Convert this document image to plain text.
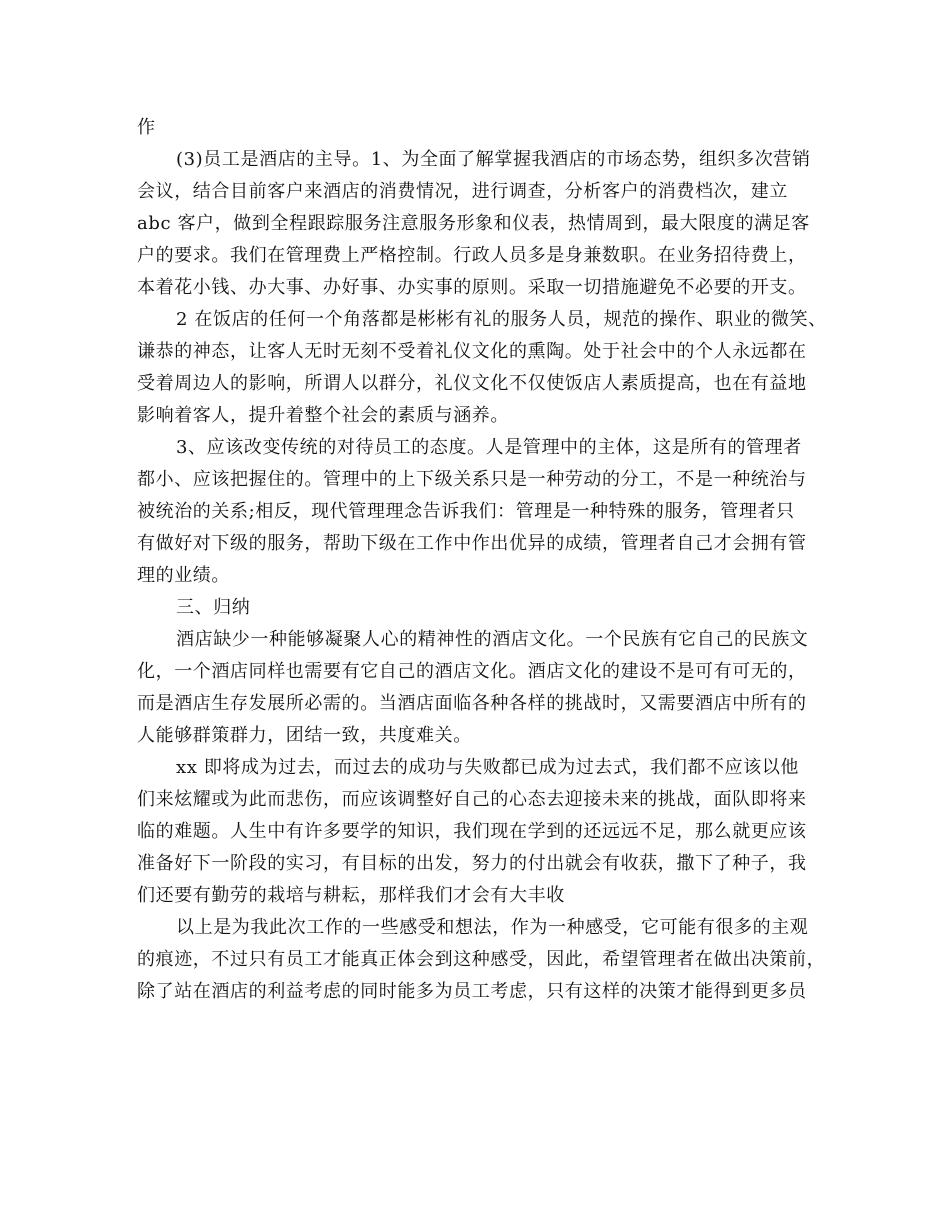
作
(3)员工是酒店的主导。1、为全面了解掌握我酒店的市场态势，组织多次营销
会议，结合目前客户来酒店的消费情况，进行调查，分析客户的消费档次，建立
abc 客户，做到全程跟踪服务注意服务形象和仪表，热情周到，最大限度的满足客
户的要求。我们在管理费上严格控制。行政人员多是身兼数职。在业务招待费上，
本着花小钱、办大事、办好事、办实事的原则。采取一切措施避免不必要的开支。
2 在饭店的任何一个角落都是彬彬有礼的服务人员，规范的操作、职业的微笑、
谦恭的神态，让客人无时无刻不受着礼仪文化的熏陶。处于社会中的个人永远都在
受着周边人的影响，所谓人以群分，礼仪文化不仅使饭店人素质提高，也在有益地
影响着客人，提升着整个社会的素质与涵养。
3、应该改变传统的对待员工的态度。人是管理中的主体，这是所有的管理者
都小、应该把握住的。管理中的上下级关系只是一种劳动的分工，不是一种统治与
被统治的关系;相反，现代管理理念告诉我们：管理是一种特殊的服务，管理者只
有做好对下级的服务，帮助下级在工作中作出优异的成绩，管理者自己才会拥有管
理的业绩。
三、归纳
酒店缺少一种能够凝聚人心的精神性的酒店文化。一个民族有它自己的民族文
化，一个酒店同样也需要有它自己的酒店文化。酒店文化的建设不是可有可无的，
而是酒店生存发展所必需的。当酒店面临各种各样的挑战时，又需要酒店中所有的
人能够群策群力，团结一致，共度难关。
xx 即将成为过去，而过去的成功与失败都已成为过去式，我们都不应该以他
们来炫耀或为此而悲伤，而应该调整好自己的心态去迎接未来的挑战，面队即将来
临的难题。人生中有许多要学的知识，我们现在学到的还远远不足，那么就更应该
准备好下一阶段的实习，有目标的出发，努力的付出就会有收获，撒下了种子，我
们还要有勤劳的栽培与耕耘，那样我们才会有大丰收
以上是为我此次工作的一些感受和想法，作为一种感受，它可能有很多的主观
的痕迹，不过只有员工才能真正体会到这种感受，因此，希望管理者在做出决策前，
除了站在酒店的利益考虑的同时能多为员工考虑，只有这样的决策才能得到更多员
